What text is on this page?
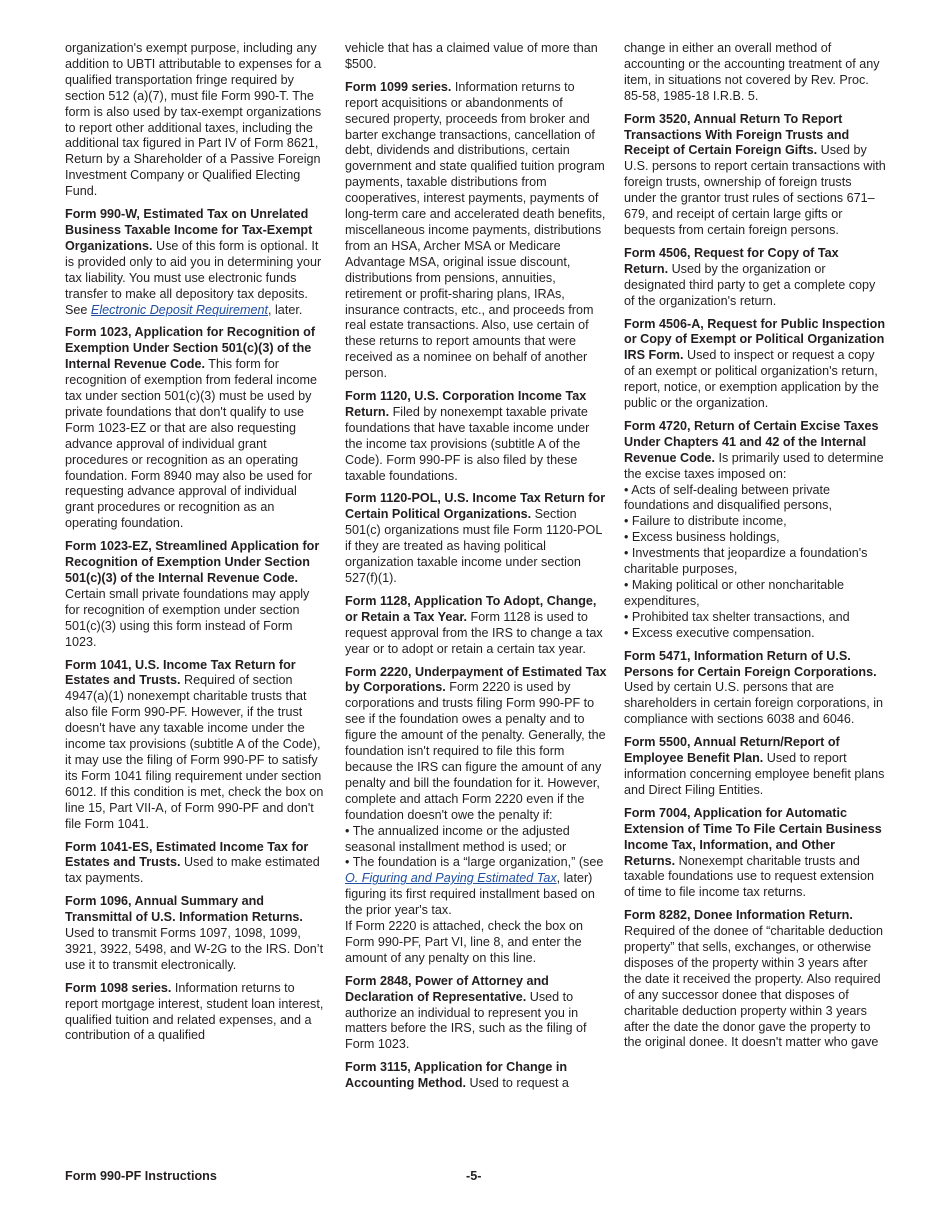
organization's exempt purpose, including any addition to UBTI attributable to expenses for a qualified transportation fringe required by section 512 (a)(7), must file Form 990-T. The form is also used by tax-exempt organizations to report other additional taxes, including the additional tax figured in Part IV of Form 8621, Return by a Shareholder of a Passive Foreign Investment Company or Qualified Electing Fund.

Form 990-W, Estimated Tax on Unrelated Business Taxable Income for Tax-Exempt Organizations. Use of this form is optional. It is provided only to aid you in determining your tax liability. You must use electronic funds transfer to make all depository tax deposits. See Electronic Deposit Requirement, later.

Form 1023, Application for Recognition of Exemption Under Section 501(c)(3) of the Internal Revenue Code. This form for recognition of exemption from federal income tax under section 501(c)(3) must be used by private foundations that don't qualify to use Form 1023-EZ or that are also requesting advance approval of individual grant procedures or recognition as an operating foundation. Form 8940 may also be used for requesting advance approval of individual grant procedures or recognition as an operating foundation.

Form 1023-EZ, Streamlined Application for Recognition of Exemption Under Section 501(c)(3) of the Internal Revenue Code. Certain small private foundations may apply for recognition of exemption under section 501(c)(3) using this form instead of Form 1023.

Form 1041, U.S. Income Tax Return for Estates and Trusts. Required of section 4947(a)(1) nonexempt charitable trusts that also file Form 990-PF. However, if the trust doesn't have any taxable income under the income tax provisions (subtitle A of the Code), it may use the filing of Form 990-PF to satisfy its Form 1041 filing requirement under section 6012. If this condition is met, check the box on line 15, Part VII-A, of Form 990-PF and don't file Form 1041.

Form 1041-ES, Estimated Income Tax for Estates and Trusts. Used to make estimated tax payments.

Form 1096, Annual Summary and Transmittal of U.S. Information Returns. Used to transmit Forms 1097, 1098, 1099, 3921, 3922, 5498, and W-2G to the IRS. Don’t use it to transmit electronically.

Form 1098 series. Information returns to report mortgage interest, student loan interest, qualified tuition and related expenses, and a contribution of a qualified

vehicle that has a claimed value of more than $500.

Form 1099 series. Information returns to report acquisitions or abandonments of secured property, proceeds from broker and barter exchange transactions, cancellation of debt, dividends and distributions, certain government and state qualified tuition program payments, taxable distributions from cooperatives, interest payments, payments of long-term care and accelerated death benefits, miscellaneous income payments, distributions from an HSA, Archer MSA or Medicare Advantage MSA, original issue discount, distributions from pensions, annuities, retirement or profit-sharing plans, IRAs, insurance contracts, etc., and proceeds from real estate transactions. Also, use certain of these returns to report amounts that were received as a nominee on behalf of another person.

Form 1120, U.S. Corporation Income Tax Return. Filed by nonexempt taxable private foundations that have taxable income under the income tax provisions (subtitle A of the Code). Form 990-PF is also filed by these taxable foundations.

Form 1120-POL, U.S. Income Tax Return for Certain Political Organizations. Section 501(c) organizations must file Form 1120-POL if they are treated as having political organization taxable income under section 527(f)(1).

Form 1128, Application To Adopt, Change, or Retain a Tax Year. Form 1128 is used to request approval from the IRS to change a tax year or to adopt or retain a certain tax year.

Form 2220, Underpayment of Estimated Tax by Corporations. Form 2220 is used by corporations and trusts filing Form 990-PF to see if the foundation owes a penalty and to figure the amount of the penalty. Generally, the foundation isn't required to file this form because the IRS can figure the amount of any penalty and bill the foundation for it. However, complete and attach Form 2220 even if the foundation doesn't owe the penalty if:
• The annualized income or the adjusted seasonal installment method is used; or
• The foundation is a “large organization,” (see O. Figuring and Paying Estimated Tax, later) figuring its first required installment based on the prior year's tax.
If Form 2220 is attached, check the box on Form 990-PF, Part VI, line 8, and enter the amount of any penalty on this line.

Form 2848, Power of Attorney and Declaration of Representative. Used to authorize an individual to represent you in matters before the IRS, such as the filing of Form 1023.

Form 3115, Application for Change in Accounting Method. Used to request a

change in either an overall method of accounting or the accounting treatment of any item, in situations not covered by Rev. Proc. 85-58, 1985-18 I.R.B. 5.

Form 3520, Annual Return To Report Transactions With Foreign Trusts and Receipt of Certain Foreign Gifts. Used by U.S. persons to report certain transactions with foreign trusts, ownership of foreign trusts under the grantor trust rules of sections 671–679, and receipt of certain large gifts or bequests from certain foreign persons.

Form 4506, Request for Copy of Tax Return. Used by the organization or designated third party to get a complete copy of the organization's return.

Form 4506-A, Request for Public Inspection or Copy of Exempt or Political Organization IRS Form. Used to inspect or request a copy of an exempt or political organization's return, report, notice, or exemption application by the public or the organization.

Form 4720, Return of Certain Excise Taxes Under Chapters 41 and 42 of the Internal Revenue Code. Is primarily used to determine the excise taxes imposed on:
• Acts of self-dealing between private foundations and disqualified persons,
• Failure to distribute income,
• Excess business holdings,
• Investments that jeopardize a foundation's charitable purposes,
• Making political or other noncharitable expenditures,
• Prohibited tax shelter transactions, and
• Excess executive compensation.

Form 5471, Information Return of U.S. Persons for Certain Foreign Corporations. Used by certain U.S. persons that are shareholders in certain foreign corporations, in compliance with sections 6038 and 6046.

Form 5500, Annual Return/Report of Employee Benefit Plan. Used to report information concerning employee benefit plans and Direct Filing Entities.

Form 7004, Application for Automatic Extension of Time To File Certain Business Income Tax, Information, and Other Returns. Nonexempt charitable trusts and taxable foundations use to request extension of time to file income tax returns.

Form 8282, Donee Information Return. Required of the donee of “charitable deduction property” that sells, exchanges, or otherwise disposes of the property within 3 years after the date it received the property. Also required of any successor donee that disposes of charitable deduction property within 3 years after the date the donor gave the property to the original donee. It doesn't matter who gave

Form 990-PF Instructions	-5-
